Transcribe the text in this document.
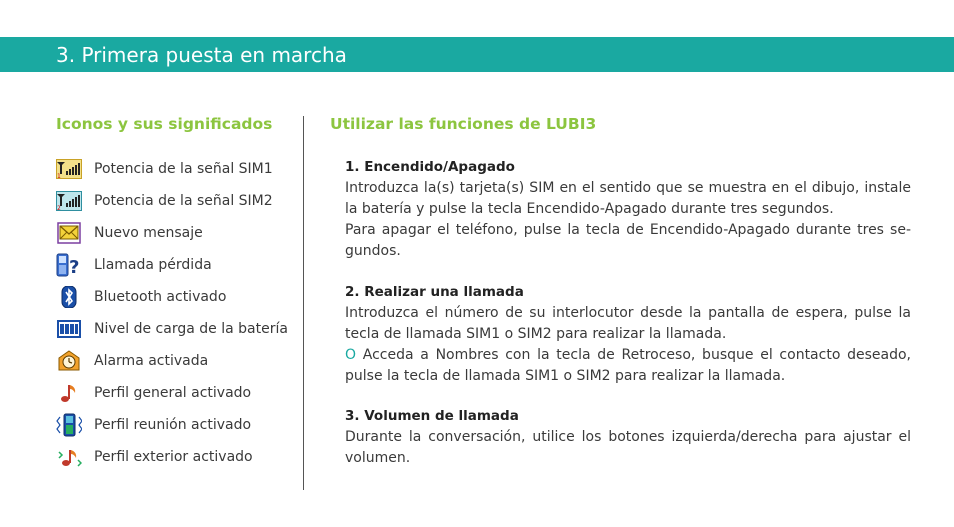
3. Primera puesta en marcha
Iconos y sus significados
1 Potencia de la señal SIM1
2 Potencia de la señal SIM2
Nuevo mensaje
? Llamada pérdida
Bluetooth activado
Nivel de carga de la batería
Alarma activada
Perfil general activado
Perfil reunión activado
Perfil exterior activado
Utilizar las funciones de LUBI3

1. Encendido/Apagado

Introduzca la(s) tarjeta(s) SIM en el sentido que se muestra en el dibujo, instale la batería y pulse la tecla Encendido-Apagado durante tres segundos.

Para apagar el teléfono, pulse la tecla de Encendido-Apagado durante tres se-gundos.

2. Realizar una llamada

Introduzca el número de su interlocutor desde la pantalla de espera, pulse la tecla de llamada SIM1 o SIM2 para realizar la llamada.

O Acceda a Nombres con la tecla de Retroceso, busque el contacto deseado, pulse la tecla de llamada SIM1 o SIM2 para realizar la llamada.

3. Volumen de llamada

Durante la conversación, utilice los botones izquierda/derecha para ajustar el volumen.
